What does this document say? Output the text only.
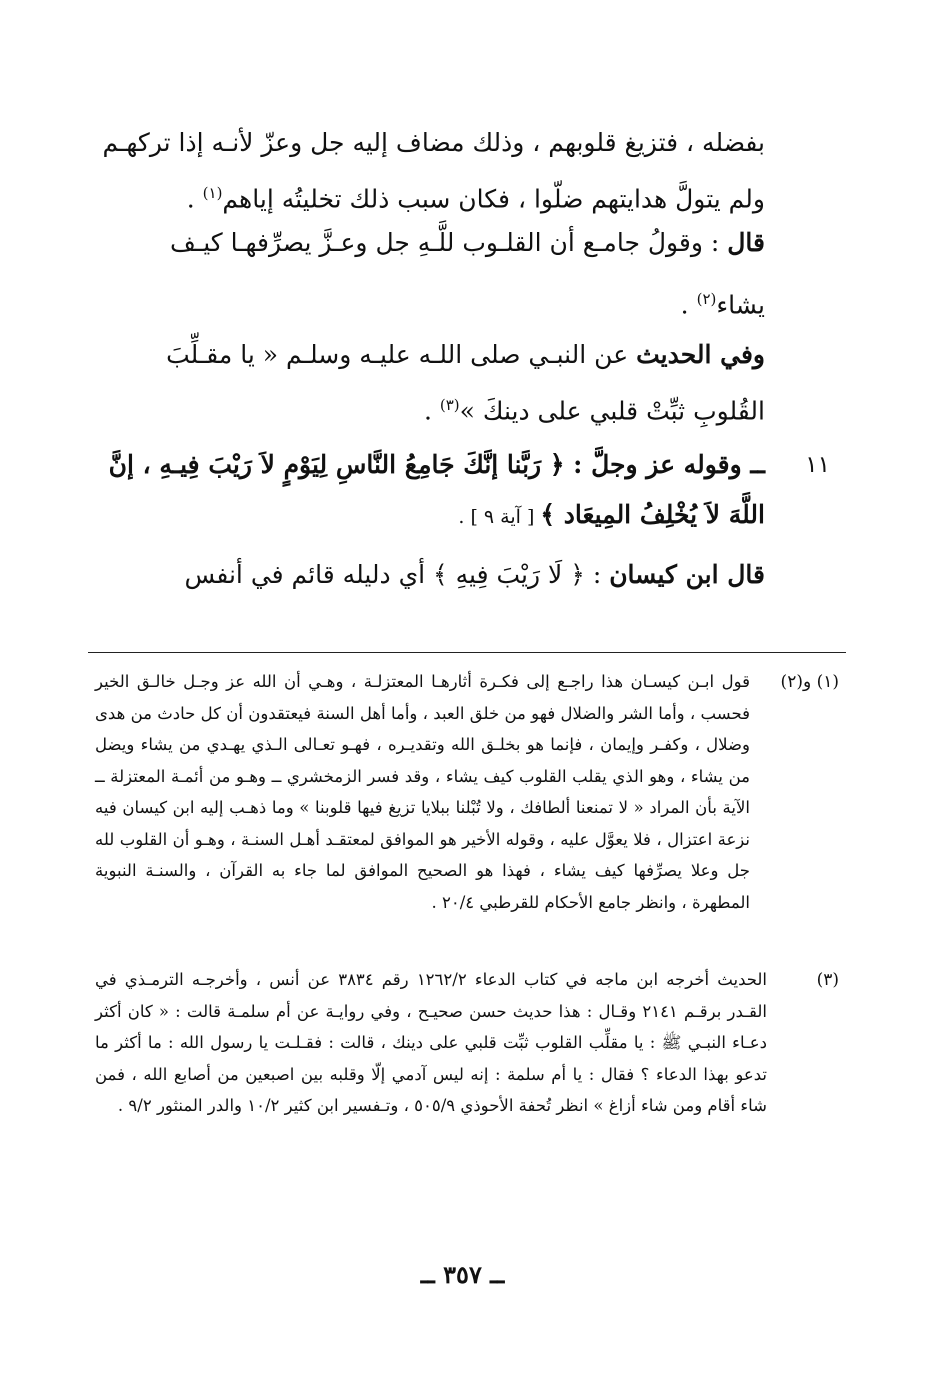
بفضله ، فتزيغ قلوبهم ، وذلك مضاف إليه جل وعزّ لأنـه إذا تركهـم
ولم يتولَّ هدايتهم ضلّوا ، فكان سبب ذلك تخليتُه إياهم$^{(١)}$ .
قال : وقولُ جامـع أن القلـوب للَّـهِ جل وعـزَّ يصرِّفهـا كيـف
يشاء$^{(٢)}$ .
وفي الحديث عن النبـي صلى اللـه عليـه وسلـم « يا مقـلِّبَ
القُلوبِ ثبِّتْ قلبي على دينكَ »$^{(٣)}$ .
١١
ــ وقوله عز وجلَّ : ﴿ رَبَّنا إنَّكَ جَامِعُ النَّاسِ لِيَوْمٍ لاَ رَيْبَ فِيـهِ ، إنَّ
اللَّهَ لاَ يُخْلِفُ المِيعَاد ﴾ [ آية ٩ ] .
قال ابن كيسان : ﴿ لَا رَيْبَ فِيهِ ﴾ أي دليله قائم في أنفس
(١) و(٢)
قول ابـن كيسـان هذا راجـع إلى فكـرة أثارهـا المعتزلـة ، وهـي أن الله عز وجـل خالـق الخير فحسب ، وأما الشر والضلال فهو من خلق العبد ، وأما أهل السنة فيعتقدون أن كل حادث من هدى وضلال ، وكفـر وإيمان ، فإنما هو بخلـق الله وتقديـره ، فهـو تعـالى الـذي يهـدي من يشاء ويضل من يشاء ، وهو الذي يقلب القلوب كيف يشاء ، وقد فسر الزمخشري ــ وهـو من أئمـة المعتزلة ــ الآية بأن المراد « لا تمنعنا ألطافك ، ولا تُبْلنا ببلايا تزيغ فيها قلوبنا » وما ذهـب إليه ابن كيسان فيه نزعة اعتزال ، فلا يعوَّل عليه ، وقوله الأخير هو الموافق لمعتقـد أهـل السنـة ، وهـو أن القلوب لله جل وعلا يصرِّفها كيف يشاء ، فهذا هو الصحيح الموافق لما جاء به القرآن ، والسنـة النبوية المطهرة ، وانظر جامع الأحكام للقرطبي ٢٠/٤ .
(٣)
الحديث أخرجه ابن ماجه في كتاب الدعاء ١٢٦٢/٢ رقم ٣٨٣٤ عن أنس ، وأخرجـه الترمـذي في القـدر برقـم ٢١٤١ وقـال : هذا حديث حسن صحيـح ، وفي روايـة عن أم سلمـة قالت : « كان أكثر دعـاء النبـي ﷺ : يا مقلِّب القلوب ثبِّت قلبي على دينك ، قالت : فقـلـت يا رسول الله : ما أكثر ما تدعو بهذا الدعاء ؟ فقال : يا أم سلمة : إنه ليس آدمي إلّا وقلبه بين اصبعين من أصابع الله ، فمن شاء أقام ومن شاء أزاغ » انظر تُحفة الأحوذي ٥٠٥/٩ ، وتـفسير ابن كثير ١٠/٢ والدر المنثور ٩/٢ .
ــ ٣٥٧ ــ
